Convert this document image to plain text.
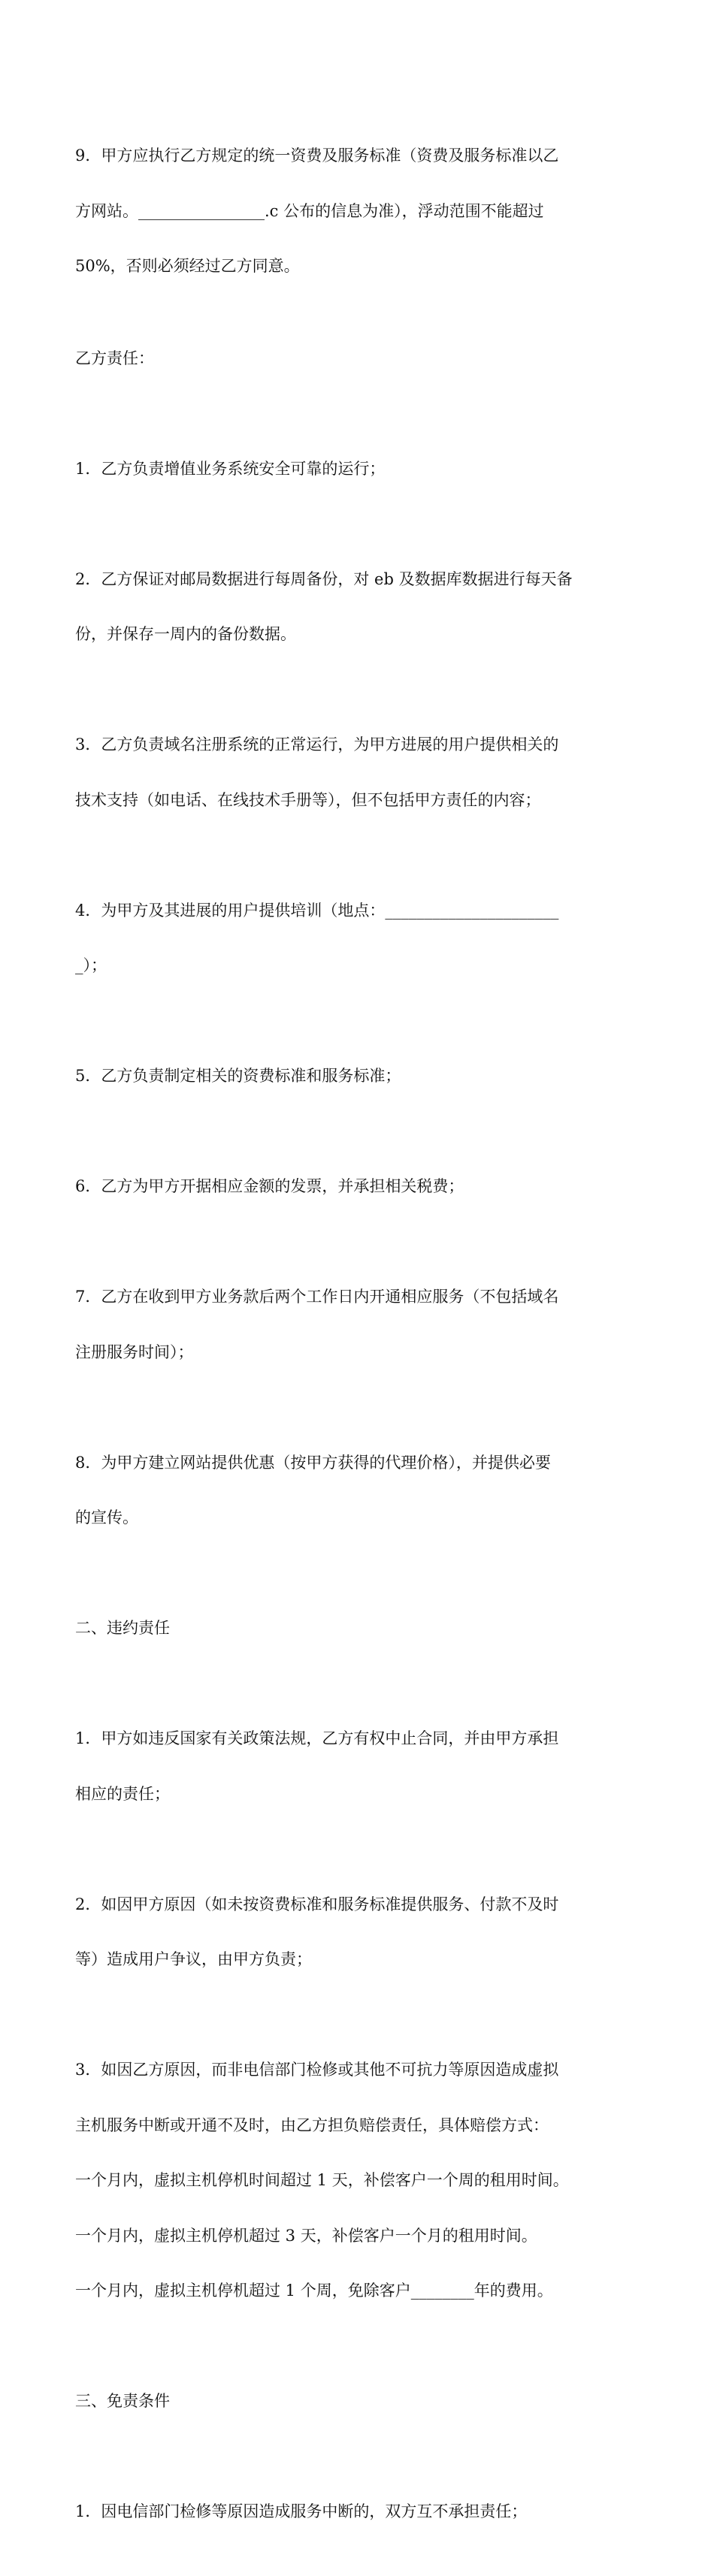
9．甲方应执行乙方规定的统一资费及服务标准（资费及服务标准以乙

方网站。________________.c 公布的信息为准），浮动范围不能超过

50%，否则必须经过乙方同意。

乙方责任：

1．乙方负责增值业务系统安全可靠的运行；

2．乙方保证对邮局数据进行每周备份，对 eb 及数据库数据进行每天备

份，并保存一周内的备份数据。

3．乙方负责域名注册系统的正常运行，为甲方进展的用户提供相关的

技术支持（如电话、在线技术手册等），但不包括甲方责任的内容；

4．为甲方及其进展的用户提供培训（地点：______________________

_）；

5．乙方负责制定相关的资费标准和服务标准；

6．乙方为甲方开据相应金额的发票，并承担相关税费；

7．乙方在收到甲方业务款后两个工作日内开通相应服务（不包括域名

注册服务时间）；

8．为甲方建立网站提供优惠（按甲方获得的代理价格），并提供必要

的宣传。

二、违约责任

1．甲方如违反国家有关政策法规，乙方有权中止合同，并由甲方承担

相应的责任；

2．如因甲方原因（如未按资费标准和服务标准提供服务、付款不及时

等）造成用户争议，由甲方负责；

3．如因乙方原因，而非电信部门检修或其他不可抗力等原因造成虚拟

主机服务中断或开通不及时，由乙方担负赔偿责任，具体赔偿方式：

一个月内，虚拟主机停机时间超过 1 天，补偿客户一个周的租用时间。

一个月内，虚拟主机停机超过 3 天，补偿客户一个月的租用时间。

一个月内，虚拟主机停机超过 1 个周，免除客户________年的费用。

三、免责条件

1．因电信部门检修等原因造成服务中断的，双方互不承担责任；
